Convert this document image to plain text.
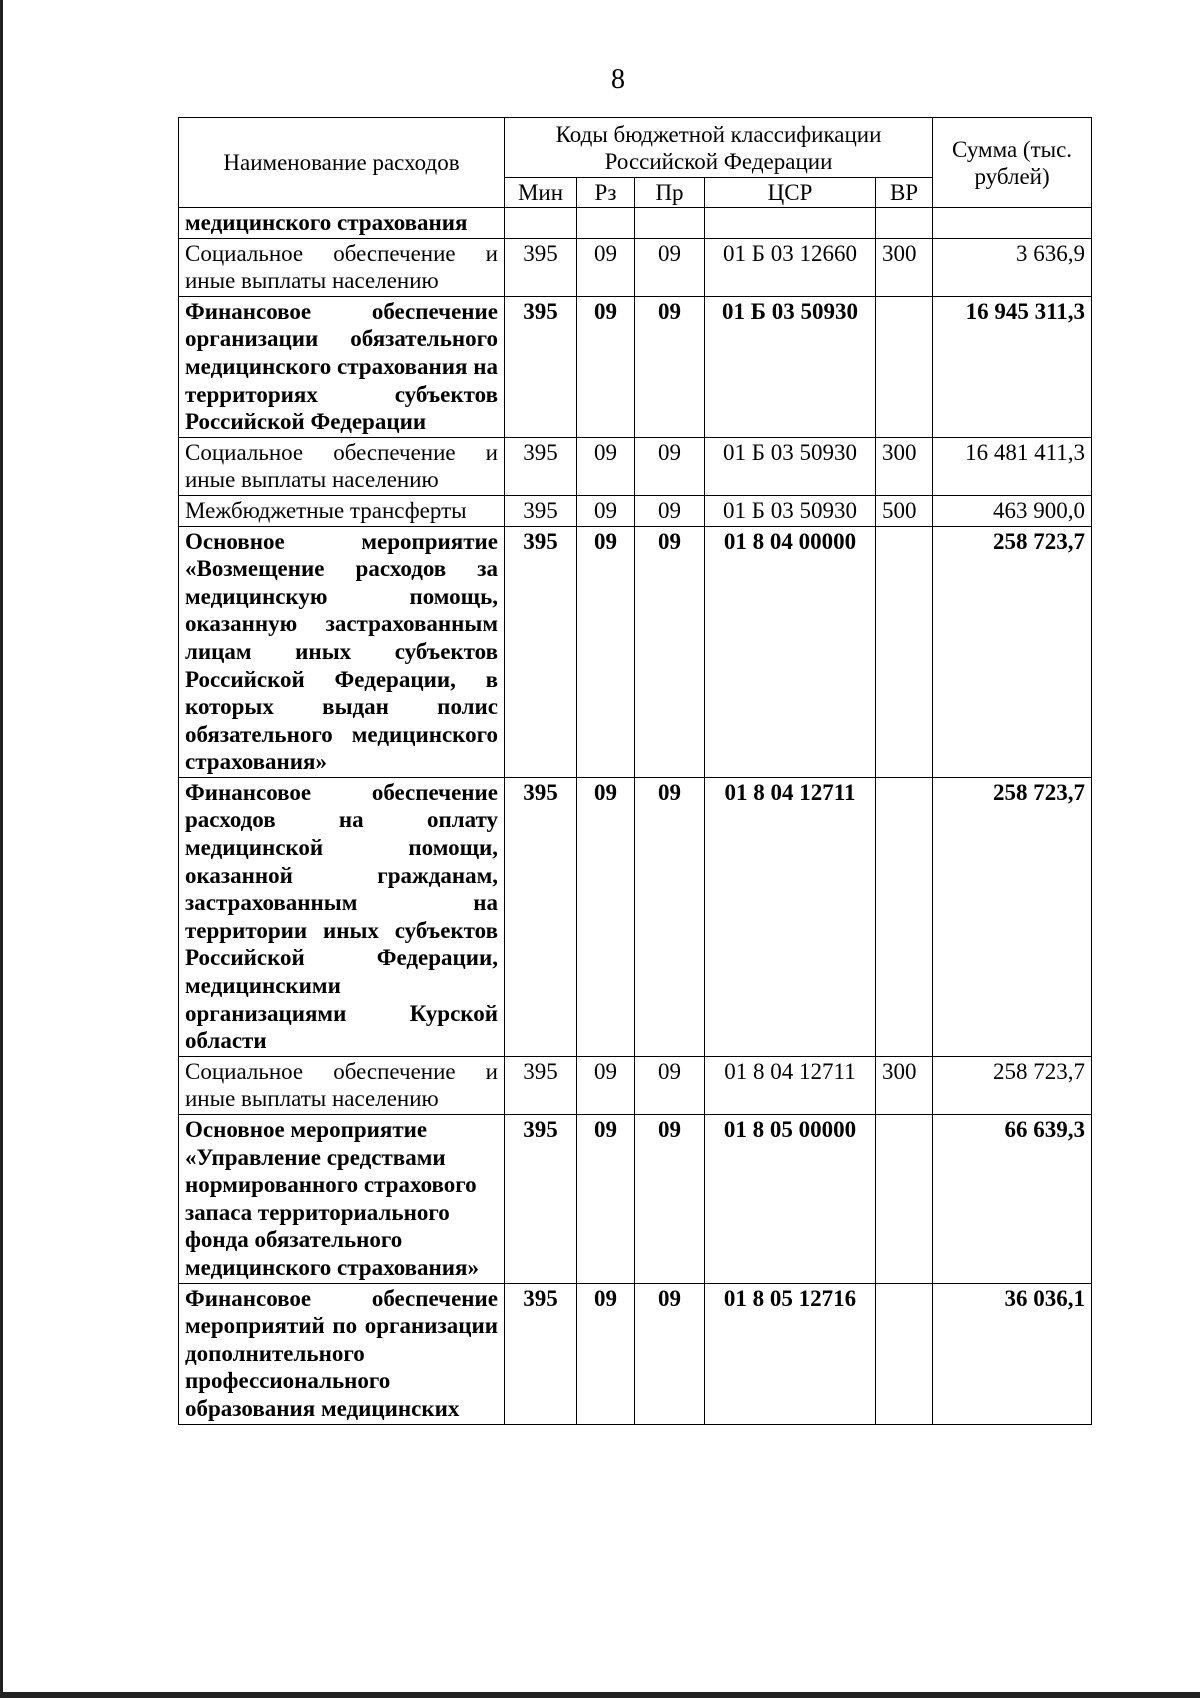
8
Наименование расходов	Коды бюджетной классификации Российской Федерации					Сумма (тыс. рублей)
	Мин	Рз	Пр	ЦСР	ВР	
медицинского страхования						
Социальное обеспечение и иные выплаты населению	395	09	09	01 Б 03 12660	300	3 636,9
Финансовое обеспечение организации обязательного медицинского страхования на территориях субъектов Российской Федерации	395	09	09	01 Б 03 50930		16 945 311,3
Социальное обеспечение и иные выплаты населению	395	09	09	01 Б 03 50930	300	16 481 411,3
Межбюджетные трансферты	395	09	09	01 Б 03 50930	500	463 900,0
Основное мероприятие «Возмещение расходов за медицинскую помощь, оказанную застрахованным лицам иных субъектов Российской Федерации, в которых выдан полис обязательного медицинского страхования»	395	09	09	01 8 04 00000		258 723,7
Финансовое обеспечение расходов на оплату медицинской помощи, оказанной гражданам, застрахованным на территории иных субъектов Российской Федерации, медицинскими организациями Курской области	395	09	09	01 8 04 12711		258 723,7
Социальное обеспечение и иные выплаты населению	395	09	09	01 8 04 12711	300	258 723,7
Основное мероприятие «Управление средствами нормированного страхового запаса территориального фонда обязательного медицинского страхования»	395	09	09	01 8 05 00000		66 639,3
Финансовое обеспечение мероприятий по организации дополнительного профессионального образования медицинских	395	09	09	01 8 05 12716		36 036,1
